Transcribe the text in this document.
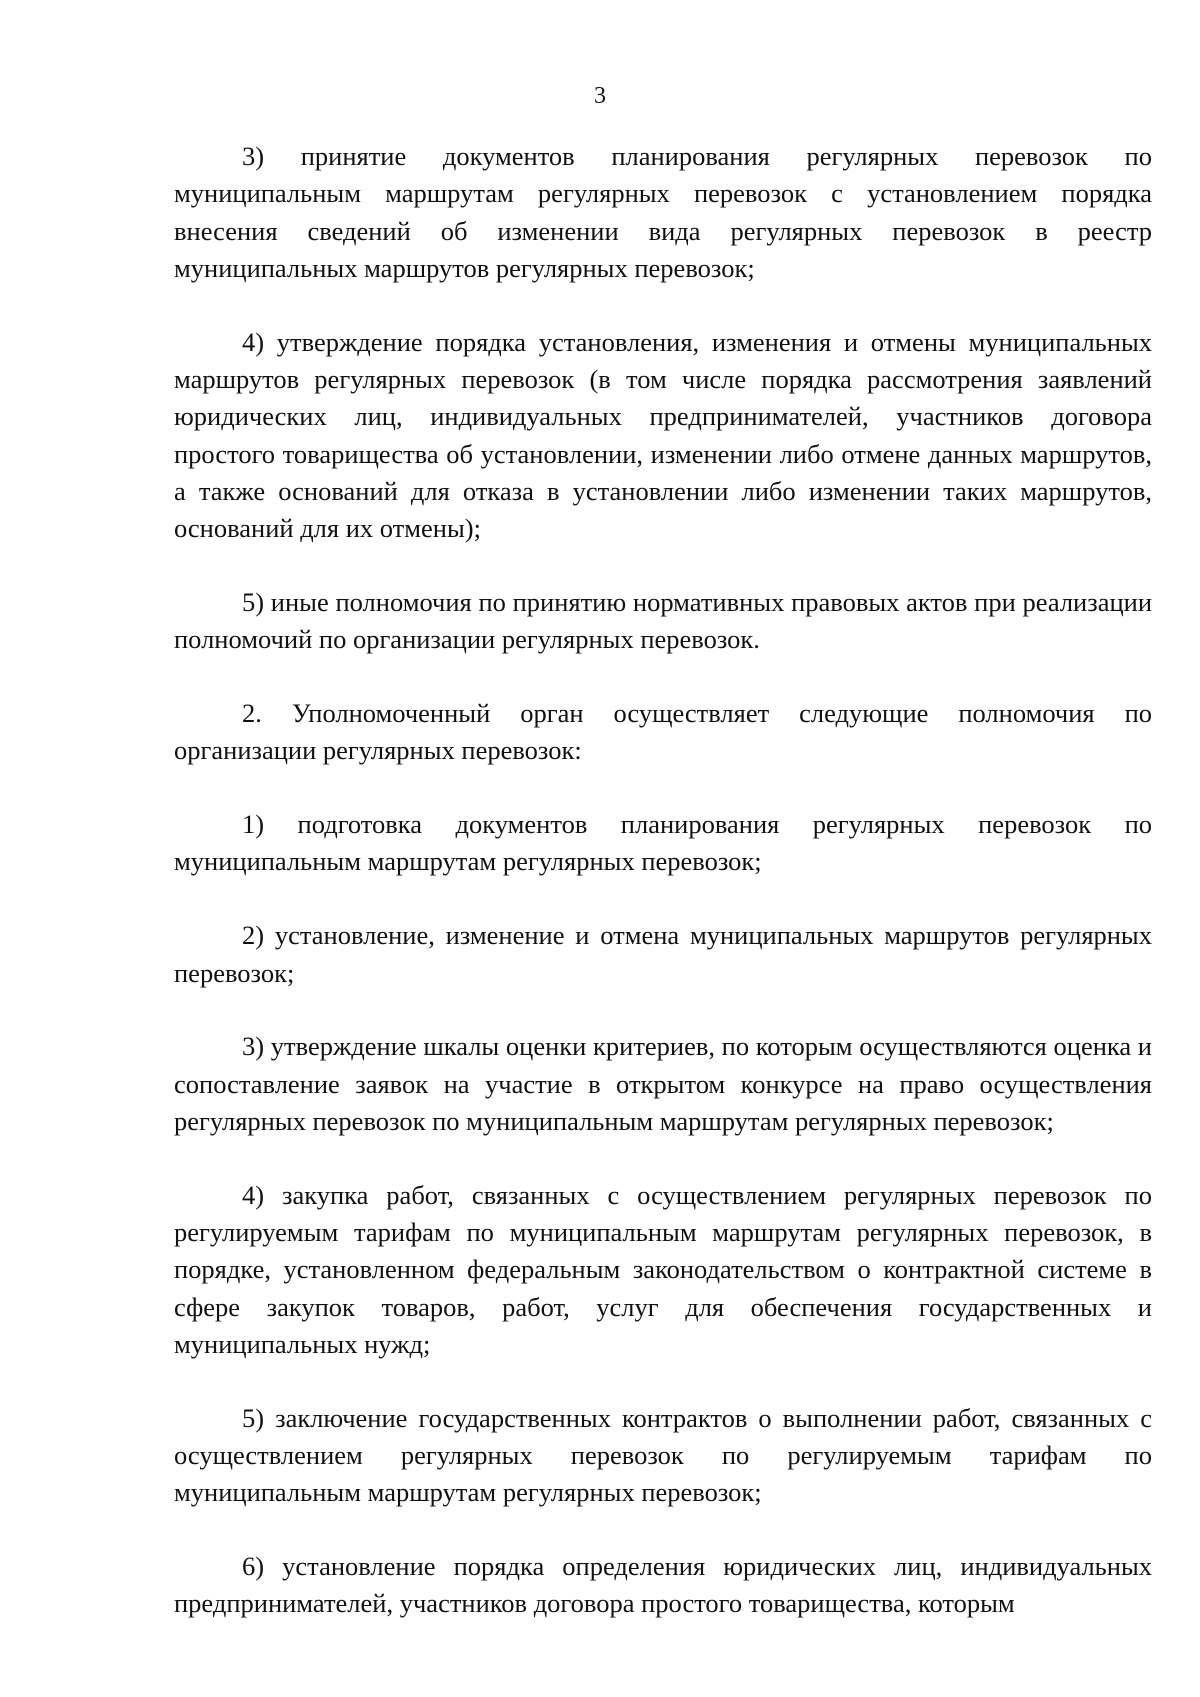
3

3) принятие документов планирования регулярных перевозок по муниципальным маршрутам регулярных перевозок с установлением порядка внесения сведений об изменении вида регулярных перевозок в реестр муниципальных маршрутов регулярных перевозок;

4) утверждение порядка установления, изменения и отмены муниципальных маршрутов регулярных перевозок (в том числе порядка рассмотрения заявлений юридических лиц, индивидуальных предпринимателей, участников договора простого товарищества об установлении, изменении либо отмене данных маршрутов, а также оснований для отказа в установлении либо изменении таких маршрутов, оснований для их отмены);

5) иные полномочия по принятию нормативных правовых актов при реализации полномочий по организации регулярных перевозок.

2. Уполномоченный орган осуществляет следующие полномочия по организации регулярных перевозок:

1) подготовка документов планирования регулярных перевозок по муниципальным маршрутам регулярных перевозок;

2) установление, изменение и отмена муниципальных маршрутов регулярных перевозок;

3) утверждение шкалы оценки критериев, по которым осуществляются оценка и сопоставление заявок на участие в открытом конкурсе на право осуществления регулярных перевозок по муниципальным маршрутам регулярных перевозок;

4) закупка работ, связанных с осуществлением регулярных перевозок по регулируемым тарифам по муниципальным маршрутам регулярных перевозок, в порядке, установленном федеральным законодательством о контрактной системе в сфере закупок товаров, работ, услуг для обеспечения государственных и муниципальных нужд;

5) заключение государственных контрактов о выполнении работ, связанных с осуществлением регулярных перевозок по регулируемым тарифам по муниципальным маршрутам регулярных перевозок;

6) установление порядка определения юридических лиц, индивидуальных предпринимателей, участников договора простого товарищества, которым
